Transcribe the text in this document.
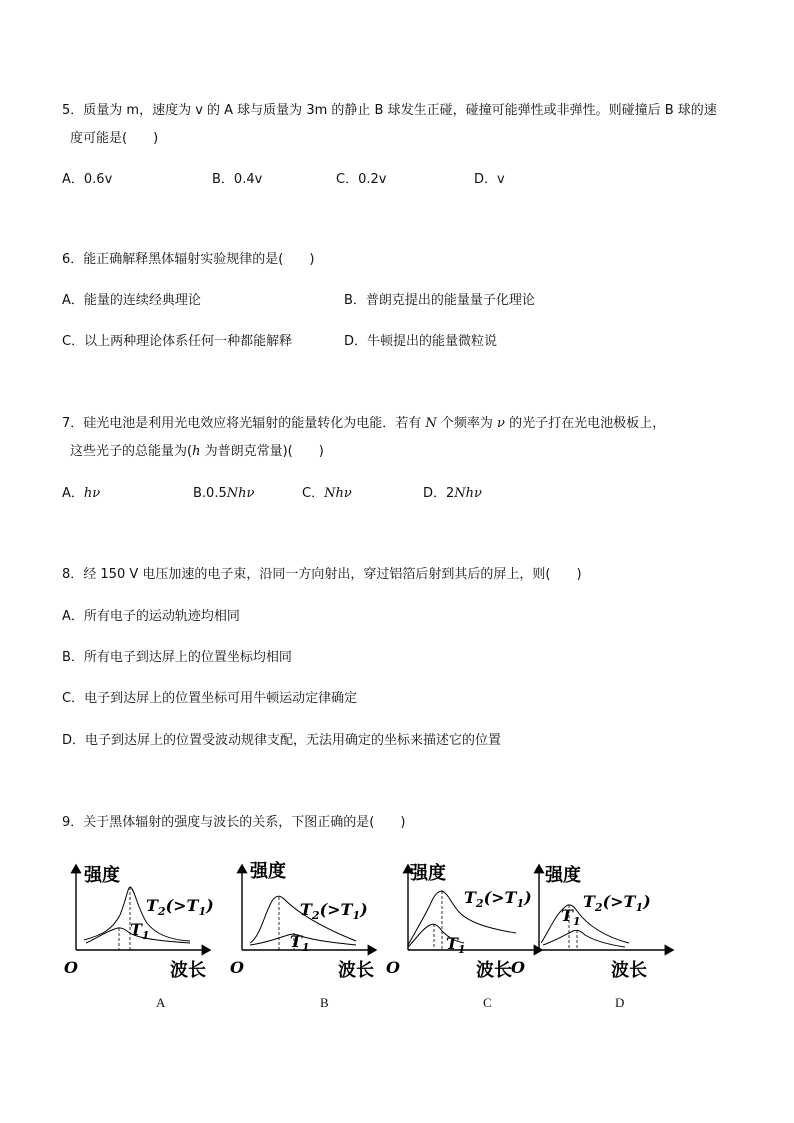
5．质量为 m，速度为 v 的 A 球与质量为 3m 的静止 B 球发生正碰，碰撞可能弹性或非弹性。则碰撞后 B 球的速
度可能是(　　)
A．0.6v	B．0.4v	C．0.2v	D．v
6．能正确解释黑体辐射实验规律的是(　　)
A．能量的连续经典理论	B．普朗克提出的能量量子化理论
C．以上两种理论体系任何一种都能解释	D．牛顿提出的能量微粒说
7．硅光电池是利用光电效应将光辐射的能量转化为电能．若有 N 个频率为 ν 的光子打在光电池极板上，
这些光子的总能量为(h 为普朗克常量)(　　)
A．hν	B.0.5Nhν	C．Nhν	D．2Nhν
8．经 150 V 电压加速的电子束，沿同一方向射出，穿过铝箔后射到其后的屏上，则(　　)
A．所有电子的运动轨迹均相同
B．所有电子到达屏上的位置坐标均相同
C．电子到达屏上的位置坐标可用牛顿运动定律确定
D．电子到达屏上的位置受波动规律支配，无法用确定的坐标来描述它的位置
9．关于黑体辐射的强度与波长的关系，下图正确的是(　　)
强度
波长
O
$T_2(>T_1)$
$T_1$
A
强度
波长
O
$T_2(>T_1)$
$T_1$
B
强度
波长
O
$T_2(>T_1)$
$T_1$
C
强度
波长
O
$T_2(>T_1)$
$T_1$
D
